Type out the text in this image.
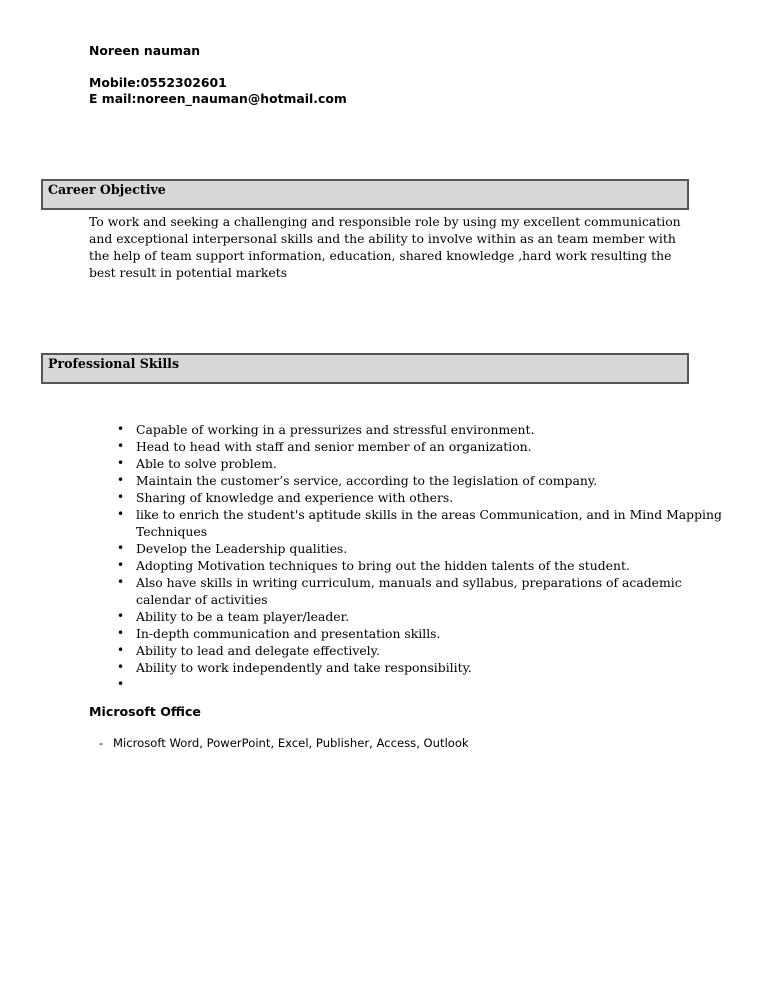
Noreen nauman
Mobile:0552302601
E mail:noreen_nauman@hotmail.com
Career Objective

To work and seeking a challenging and responsible role by using my excellent communication
and exceptional interpersonal skills and the ability to involve within as an team member with
the help of team support information, education, shared knowledge ,hard work resulting the
best result in potential markets

Professional Skills
• Capable of working in a pressurizes and stressful environment.
• Head to head with staff and senior member of an organization.
• Able to solve problem.
• Maintain the customer’s service, according to the legislation of company.
• Sharing of knowledge and experience with others.
• like to enrich the student's aptitude skills in the areas Communication, and in Mind Mapping
Techniques
• Develop the Leadership qualities.
• Adopting Motivation techniques to bring out the hidden talents of the student.
• Also have skills in writing curriculum, manuals and syllabus, preparations of academic
calendar of activities
• Ability to be a team player/leader.
• In-depth communication and presentation skills.
• Ability to lead and delegate effectively.
• Ability to work independently and take responsibility.
•

Microsoft Office
- Microsoft Word, PowerPoint, Excel, Publisher, Access, Outlook
